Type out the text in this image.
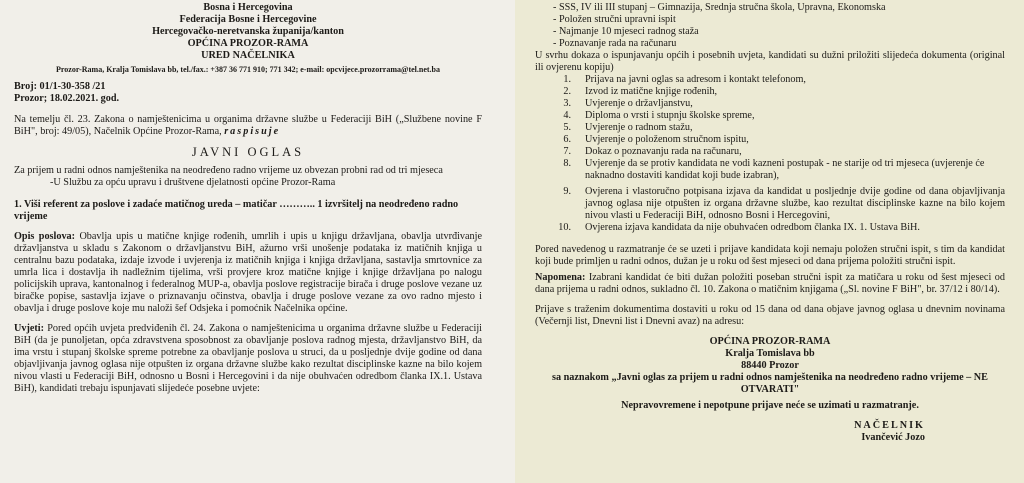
Bosna i Hercegovina

Federacija Bosne i Hercegovine

Hercegovačko-neretvanska županija/kanton

OPĆINA PROZOR-RAMA

URED NAČELNIKA

Prozor-Rama, Kralja Tomislava bb, tel./fax.: +387 36 771 910; 771 342; e-mail: opcvijece.prozorrama@tel.net.ba

Broj: 01/1-30-358 /21

Prozor; 18.02.2021. god.

Na temelju čl. 23. Zakona o namještenicima u organima državne službe u Federaciji BiH („Službene novine F BiH", broj: 49/05), Načelnik Općine Prozor-Rama, raspisuje

JAVNI OGLAS

Za prijem u radni odnos namještenika na neodređeno radno vrijeme uz obvezan probni rad od tri mjeseca

-U Službu za opću upravu i društvene djelatnosti općine Prozor-Rama

1. Viši referent za poslove i zadaće matičnog ureda – matičar ……….. 1 izvršitelj na neodređeno radno vrijeme

Opis poslova: Obavlja upis u matične knjige rođenih, umrlih i upis u knjigu državljana, obavlja utvrđivanje državljanstva u skladu s Zakonom o državljanstvu BiH, ažurno vrši unošenje podataka iz matičnih knjiga u centralnu bazu podataka, izdaje izvode i uvjerenja iz matičnih knjiga i knjiga državljana, sastavlja smrtovnice za umrla lica i dostavlja ih nadležnim tijelima, vrši provjere kroz matične knjige i knjige državljana po nalogu policijskih uprava, kantonalnog i federalnog MUP-a, obavlja poslove registracije birača i druge poslove vezane uz biračke popise, sastavlja izjave o priznavanju očinstva, obavlja i druge poslove vezane za ovo radno mjesto i obavlja i druge poslove koje mu naloži šef Odsjeka i pomoćnik Načelnika općine.

Uvjeti: Pored općih uvjeta predviđenih čl. 24. Zakona o namještenicima u organima državne službe u Federaciji BiH (da je punoljetan, opća zdravstvena sposobnost za obavljanje poslova radnog mjesta, državljanstvo BiH, da ima vrstu i stupanj školske spreme potrebne za obavljanje poslova u struci, da u posljednje dvije godine od dana objavljivanja javnog oglasa nije otpušten iz organa državne službe kako rezultat disciplinske kazne na bilo kojem nivou vlasti u Federaciji BiH, odnosno u Bosni i Hercegovini i da nije obuhvaćen odredbom članka IX.1. Ustava BiH), kandidati trebaju ispunjavati slijedeće posebne uvjete:

- SSS, IV ili III stupanj – Gimnazija, Srednja stručna škola, Upravna, Ekonomska
- Položen stručni upravni ispit
- Najmanje 10 mjeseci radnog staža
- Poznavanje rada na računaru

U svrhu dokaza o ispunjavanju općih i posebnih uvjeta, kandidati su dužni priložiti slijedeća dokumenta (original ili ovjerenu kopiju)

1. Prijava na javni oglas sa adresom i kontakt telefonom,
2. Izvod iz matične knjige rođenih,
3. Uvjerenje o državljanstvu,
4. Diploma o vrsti i stupnju školske spreme,
5. Uvjerenje o radnom stažu,
6. Uvjerenje o položenom stručnom ispitu,
7. Dokaz o poznavanju rada na računaru,
8. Uvjerenje da se protiv kandidata ne vodi kazneni postupak - ne starije od tri mjeseca (uvjerenje će naknadno dostaviti kandidat koji bude izabran),
9. Ovjerena i vlastoručno potpisana izjava da kandidat u posljednje dvije godine od dana objavljivanja javnog oglasa nije otpušten iz organa državne službe, kao rezultat disciplinske kazne na bilo kojem nivou vlasti u Federaciji BiH, odnosno Bosni i Hercegovini,
10. Ovjerena izjava kandidata da nije obuhvaćen odredbom članka IX. 1. Ustava BiH.

Pored navedenog u razmatranje će se uzeti i prijave kandidata koji nemaju položen stručni ispit, s tim da kandidat koji bude primljen u radni odnos, dužan je u roku od šest mjeseci od dana prijema položiti stručni ispit.

Napomena: Izabrani kandidat će biti dužan položiti poseban stručni ispit za matičara u roku od šest mjeseci od dana prijema u radni odnos, sukladno čl. 10. Zakona o matičnim knjigama („Sl. novine F BiH", br. 37/12 i 80/14).

Prijave s traženim dokumentima dostaviti u roku od 15 dana od dana objave javnog oglasa u dnevnim novinama (Večernji list, Dnevni list i Dnevni avaz) na adresu:

OPĆINA PROZOR-RAMA

Kralja Tomislava bb

88440 Prozor

sa naznakom „Javni oglas za prijem u radni odnos namještenika na neodređeno radno vrijeme – NE OTVARATI"

Nepravovremene i nepotpune prijave neće se uzimati u razmatranje.

NAČELNIK

Ivančević Jozo
